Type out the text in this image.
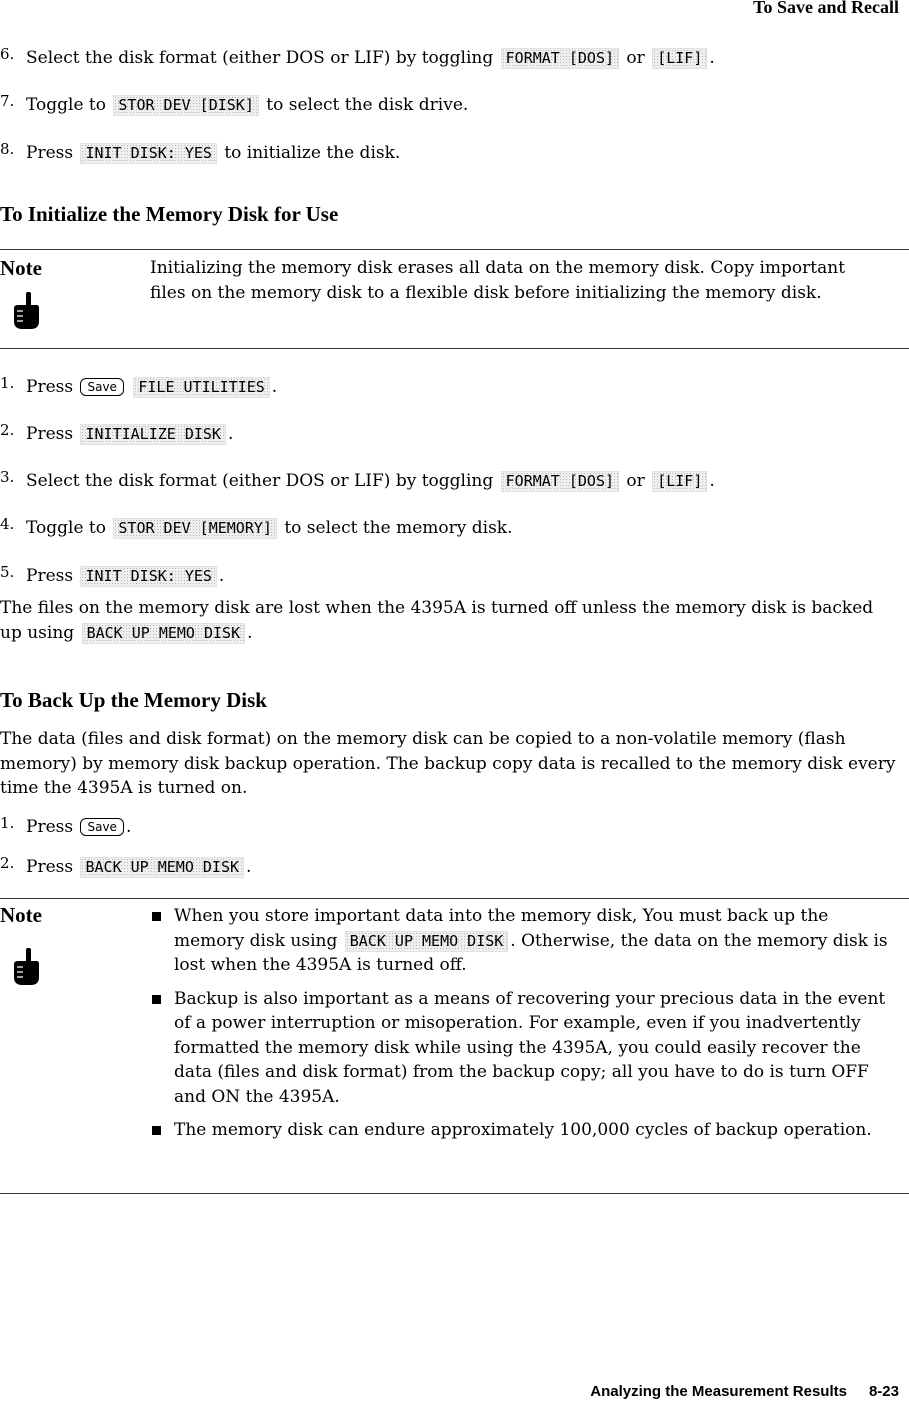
To Save and Recall
6. Select the disk format (either DOS or LIF) by toggling FORMAT [DOS] or [LIF] .
7. Toggle to STOR DEV [DISK] to select the disk drive.
8. Press INIT DISK: YES to initialize the disk.
To Initialize the Memory Disk for Use
Note	Initializing the memory disk erases all data on the memory disk. Copy important files on the memory disk to a flexible disk before initializing the memory disk.
1. Press Save FILE UTILITIES .
2. Press INITIALIZE DISK .
3. Select the disk format (either DOS or LIF) by toggling FORMAT [DOS] or [LIF] .
4. Toggle to STOR DEV [MEMORY] to select the memory disk.
5. Press INIT DISK: YES .
The files on the memory disk are lost when the 4395A is turned off unless the memory disk is backed up using BACK UP MEMO DISK .
To Back Up the Memory Disk
The data (files and disk format) on the memory disk can be copied to a non-volatile memory (flash memory) by memory disk backup operation. The backup copy data is recalled to the memory disk every time the 4395A is turned on.
1. Press Save .
2. Press BACK UP MEMO DISK .
Note	When you store important data into the memory disk, You must back up the memory disk using BACK UP MEMO DISK . Otherwise, the data on the memory disk is lost when the 4395A is turned off.
Backup is also important as a means of recovering your precious data in the event of a power interruption or misoperation. For example, even if you inadvertently formatted the memory disk while using the 4395A, you could easily recover the data (files and disk format) from the backup copy; all you have to do is turn OFF and ON the 4395A.
The memory disk can endure approximately 100,000 cycles of backup operation.
Analyzing the Measurement Results 8-23
